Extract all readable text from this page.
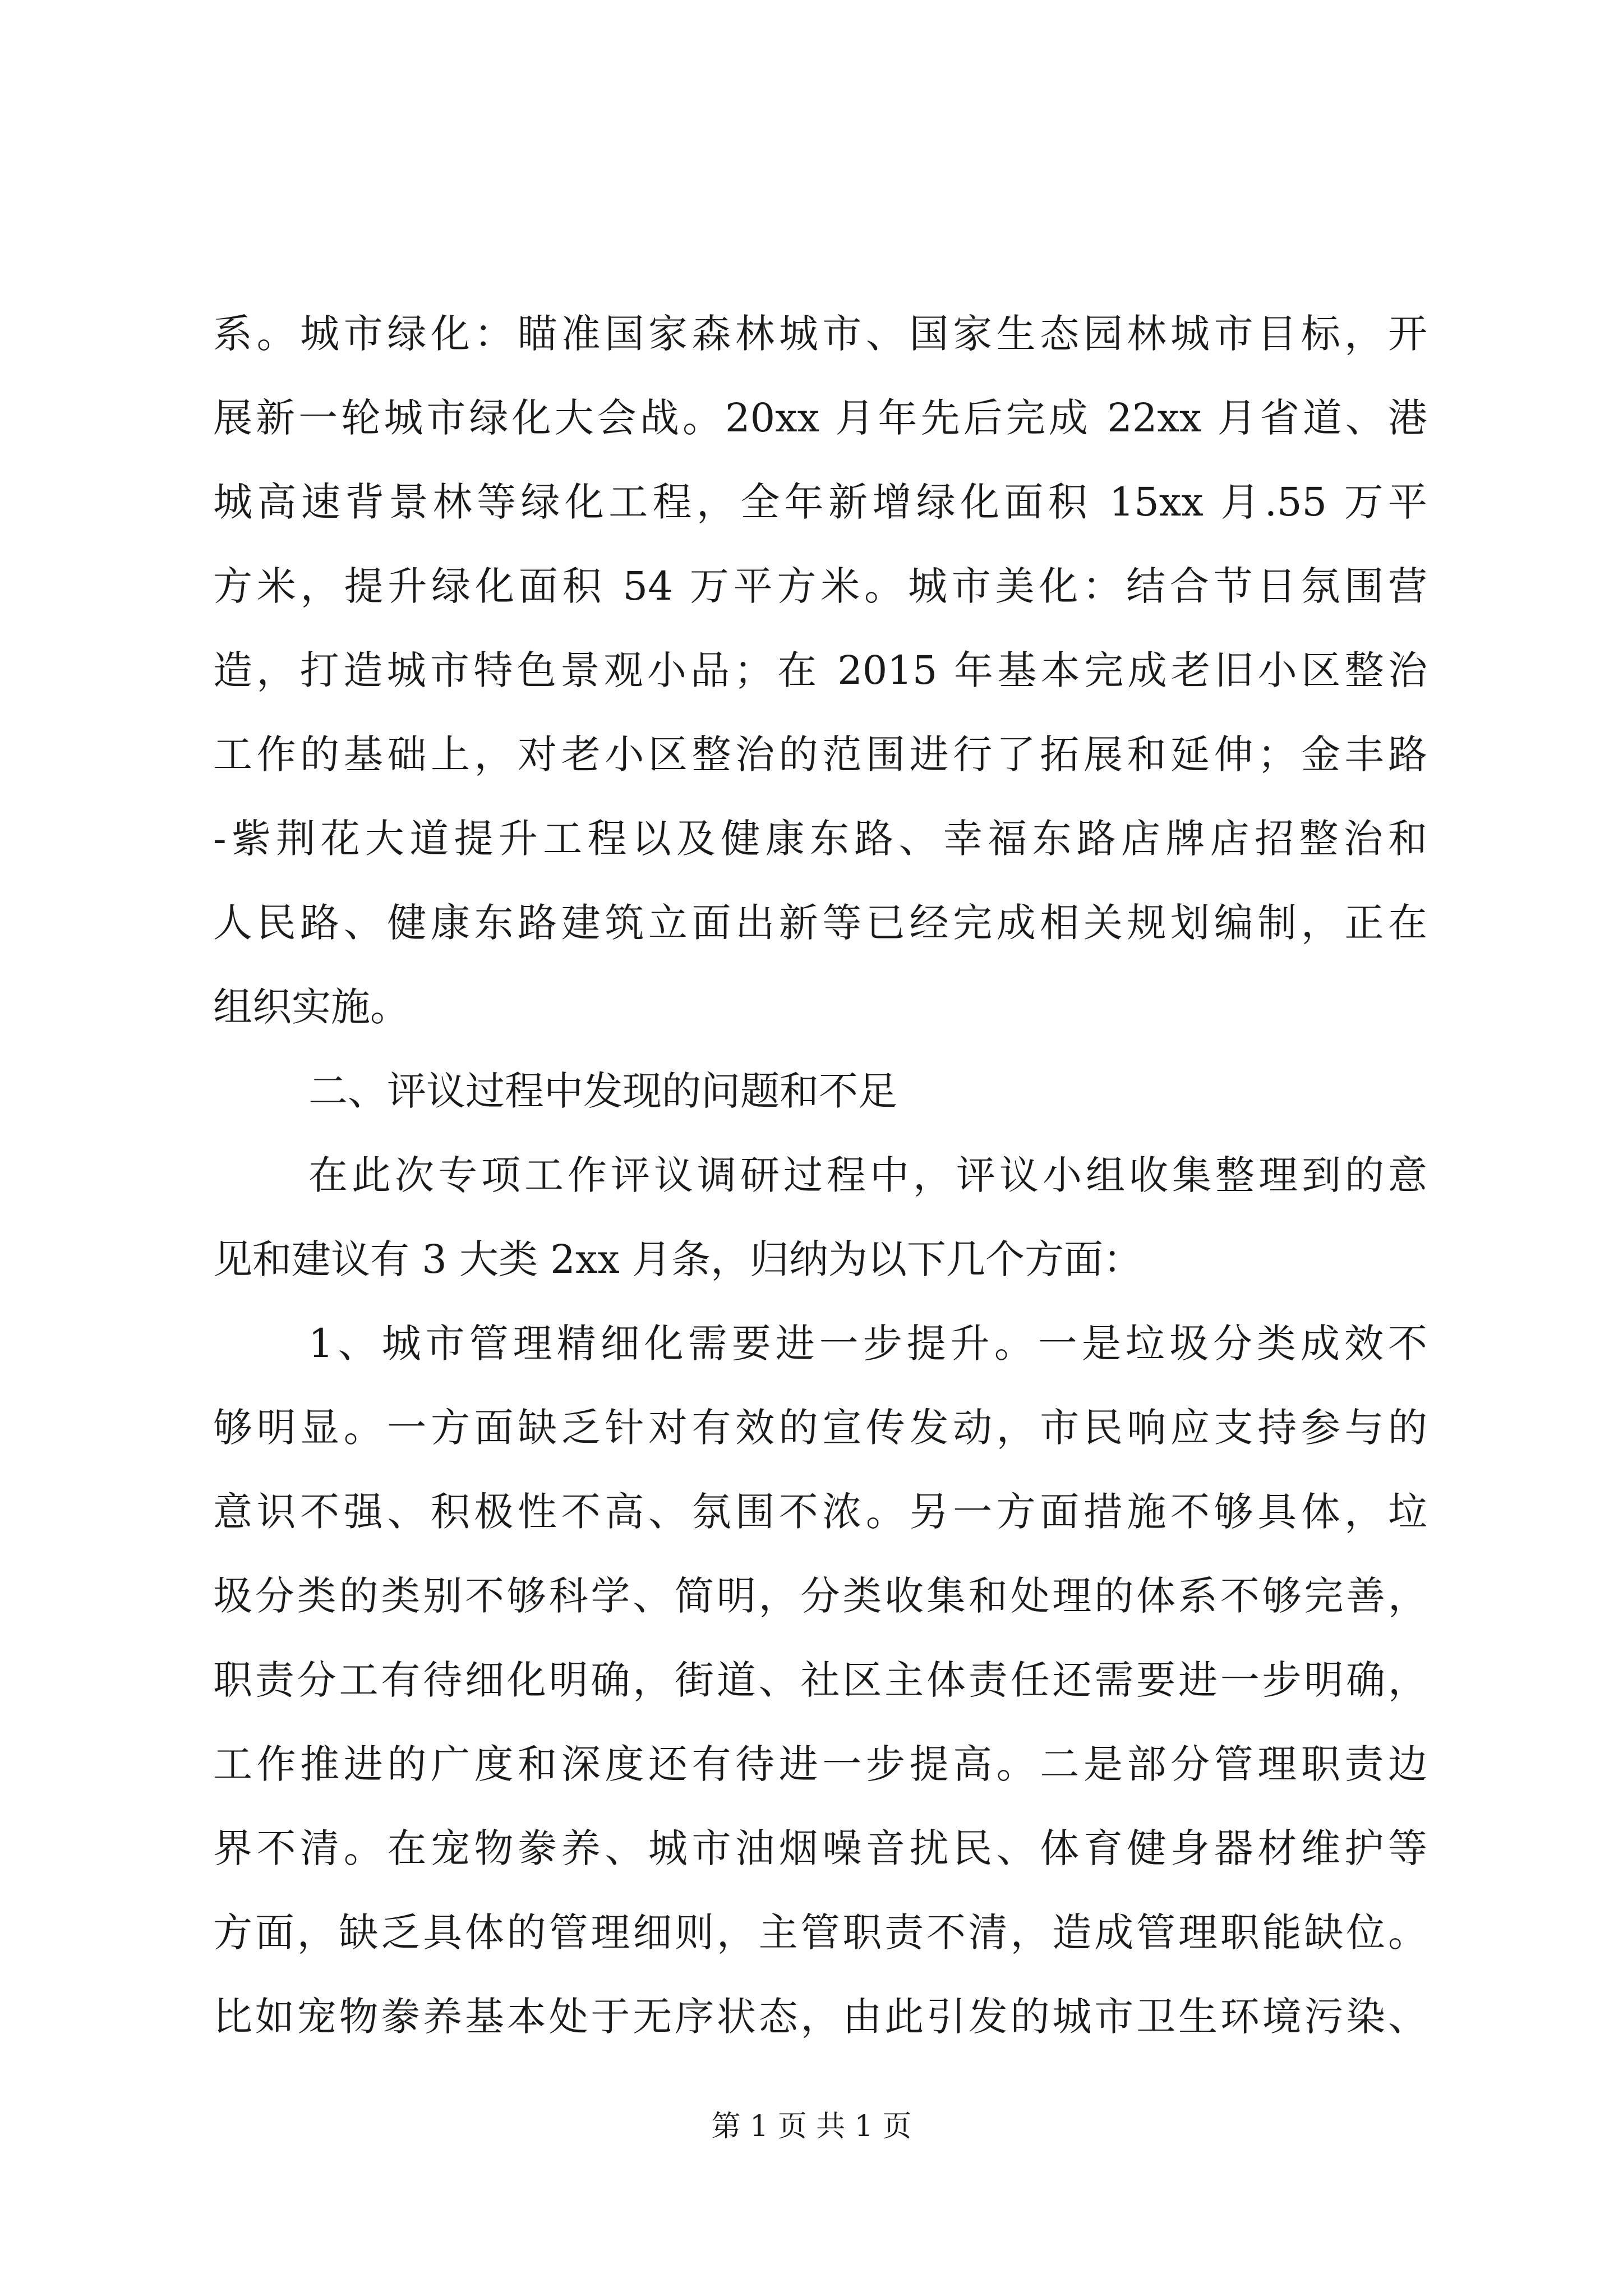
系。城市绿化：瞄准国家森林城市、国家生态园林城市目标，开
展新一轮城市绿化大会战。20xx 月年先后完成 22xx 月省道、港
城高速背景林等绿化工程，全年新增绿化面积 15xx 月.55 万平
方米，提升绿化面积 54 万平方米。城市美化：结合节日氛围营
造，打造城市特色景观小品；在 2015 年基本完成老旧小区整治
工作的基础上，对老小区整治的范围进行了拓展和延伸；金丰路
-紫荆花大道提升工程以及健康东路、幸福东路店牌店招整治和
人民路、健康东路建筑立面出新等已经完成相关规划编制，正在
组织实施。
二、评议过程中发现的问题和不足
在此次专项工作评议调研过程中，评议小组收集整理到的意
见和建议有 3 大类 2xx 月条，归纳为以下几个方面：
1、城市管理精细化需要进一步提升。一是垃圾分类成效不
够明显。一方面缺乏针对有效的宣传发动，市民响应支持参与的
意识不强、积极性不高、氛围不浓。另一方面措施不够具体，垃
圾分类的类别不够科学、简明，分类收集和处理的体系不够完善，
职责分工有待细化明确，街道、社区主体责任还需要进一步明确，
工作推进的广度和深度还有待进一步提高。二是部分管理职责边
界不清。在宠物豢养、城市油烟噪音扰民、体育健身器材维护等
方面，缺乏具体的管理细则，主管职责不清，造成管理职能缺位。
比如宠物豢养基本处于无序状态，由此引发的城市卫生环境污染、
第 1 页 共 1 页
